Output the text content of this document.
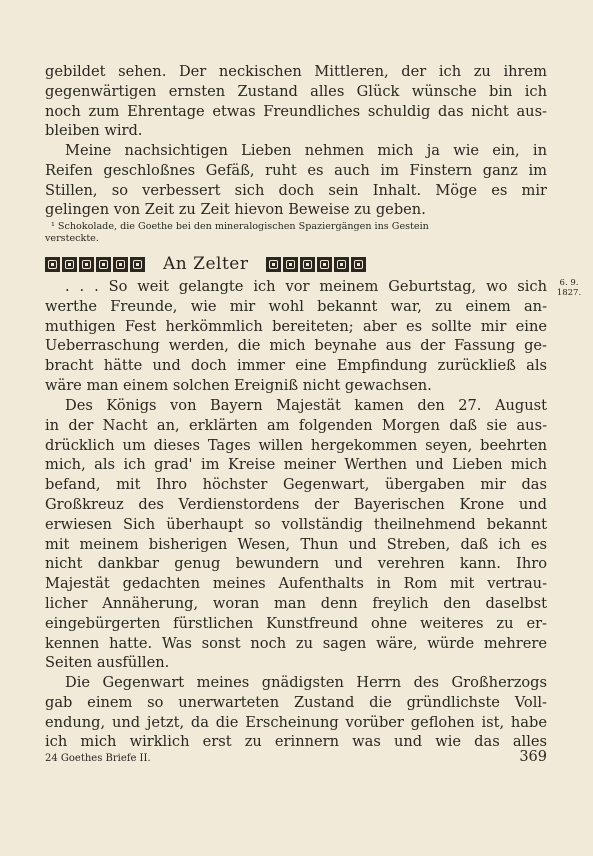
gebildet sehen. Der neckischen Mittleren, der ich zu ihrem
gegenwärtigen ernsten Zustand alles Glück wünsche bin ich
noch zum Ehrentage etwas Freundliches schuldig das nicht aus-
bleiben wird.
Meine nachsichtigen Lieben nehmen mich ja wie ein, in
Reifen geschloßnes Gefäß, ruht es auch im Finstern ganz im
Stillen, so verbessert sich doch sein Inhalt. Möge es mir
gelingen von Zeit zu Zeit hievon Beweise zu geben.
¹ Schokolade, die Goethe bei den mineralogischen Spaziergängen ins Gestein
versteckte.
An Zelter
6. 9.
1827.
. . . So weit gelangte ich vor meinem Geburtstag, wo sich
werthe Freunde, wie mir wohl bekannt war, zu einem an-
muthigen Fest herkömmlich bereiteten; aber es sollte mir eine
Ueberraschung werden, die mich beynahe aus der Fassung ge-
bracht hätte und doch immer eine Empfindung zurückließ als
wäre man einem solchen Ereigniß nicht gewachsen.
Des Königs von Bayern Majestät kamen den 27. August
in der Nacht an, erklärten am folgenden Morgen daß sie aus-
drücklich um dieses Tages willen hergekommen seyen, beehrten
mich, als ich grad' im Kreise meiner Werthen und Lieben mich
befand, mit Ihro höchster Gegenwart, übergaben mir das
Großkreuz des Verdienstordens der Bayerischen Krone und
erwiesen Sich überhaupt so vollständig theilnehmend bekannt
mit meinem bisherigen Wesen, Thun und Streben, daß ich es
nicht dankbar genug bewundern und verehren kann. Ihro
Majestät gedachten meines Aufenthalts in Rom mit vertrau-
licher Annäherung, woran man denn freylich den daselbst
eingebürgerten fürstlichen Kunstfreund ohne weiteres zu er-
kennen hatte. Was sonst noch zu sagen wäre, würde mehrere
Seiten ausfüllen.
Die Gegenwart meines gnädigsten Herrn des Großherzogs
gab einem so unerwarteten Zustand die gründlichste Voll-
endung, und jetzt, da die Erscheinung vorüber geflohen ist, habe
ich mich wirklich erst zu erinnern was und wie das alles
24 Goethes Briefe II.	369
